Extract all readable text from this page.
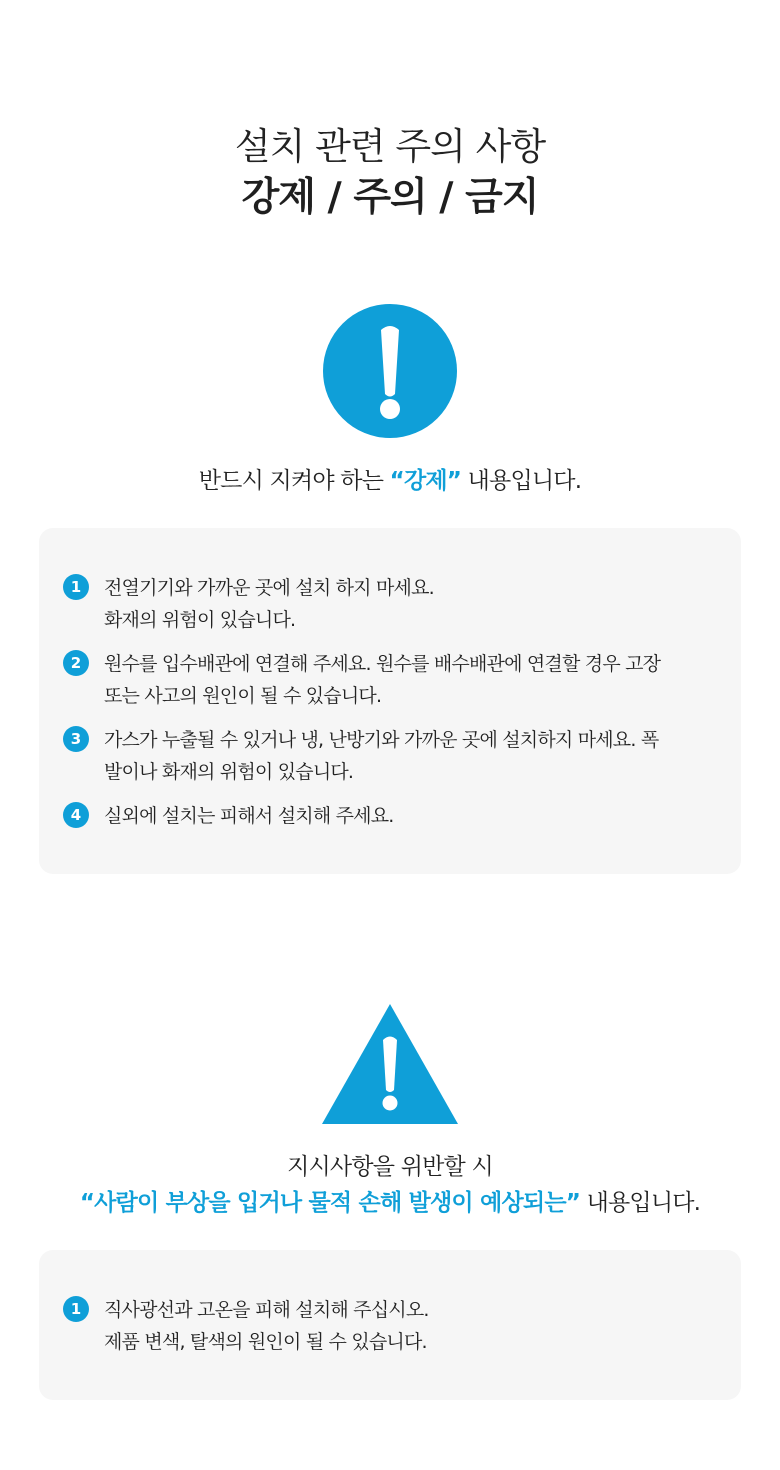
설치 관련 주의 사항
강제 / 주의 / 금지
반드시 지켜야 하는 “강제” 내용입니다.
1	전열기기와 가까운 곳에 설치 하지 마세요.
화재의 위험이 있습니다.
2	원수를 입수배관에 연결해 주세요. 원수를 배수배관에 연결할 경우 고장
또는 사고의 원인이 될 수 있습니다.
3	가스가 누출될 수 있거나 냉, 난방기와 가까운 곳에 설치하지 마세요. 폭
발이나 화재의 위험이 있습니다.
4	실외에 설치는 피해서 설치해 주세요.
지시사항을 위반할 시
“사람이 부상을 입거나 물적 손해 발생이 예상되는” 내용입니다.
1	직사광선과 고온을 피해 설치해 주십시오.
제품 변색, 탈색의 원인이 될 수 있습니다.
